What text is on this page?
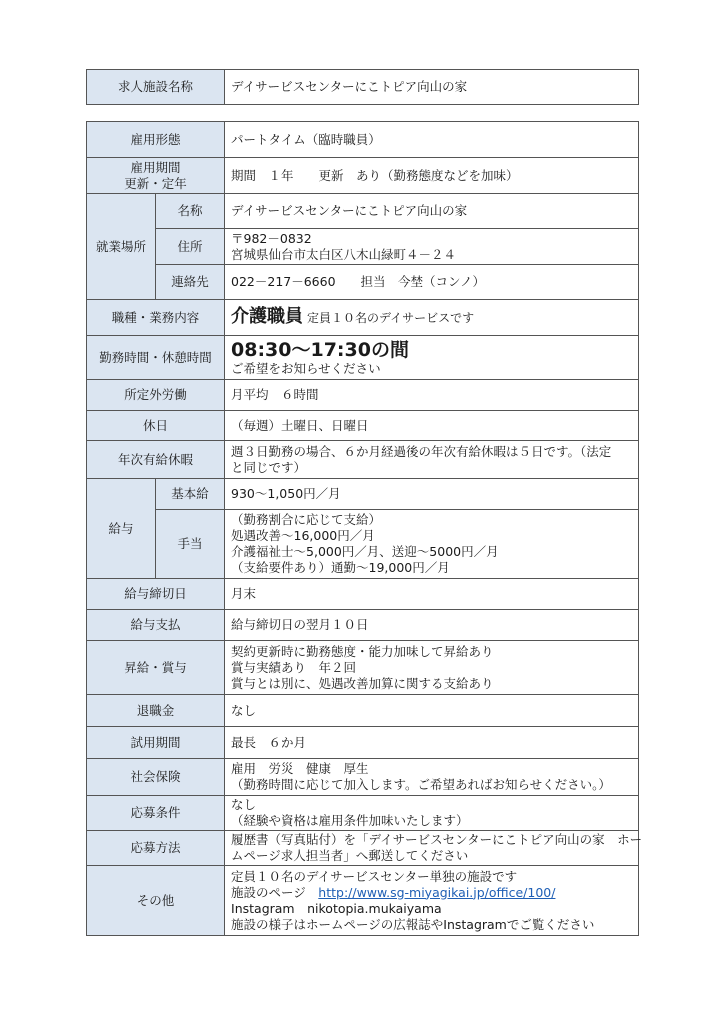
求人施設名称	デイサービスセンターにこトピア向山の家
雇用形態		パートタイム（臨時職員）

雇用期間
更新・定年		期間　１年　　更新　あり（勤務態度などを加味）
就業場所	名称	デイサービスセンターにこトピア向山の家
	住所	〒982－0832
宮城県仙台市太白区八木山緑町４－２４

	連絡先	022－217－6660　　担当　今埜（コンノ）
職種・業務内容		介護職員 定員１０名のデイサービスです
勤務時間・休憩時間		08:30～17:30の間
ご希望をお知らせください

所定外労働		月平均　６時間
休日		（毎週）土曜日、日曜日
年次有給休暇		週３日勤務の場合、６か月経過後の年次有給休暇は５日です。（法定
と同じです）

給与	基本給	930～1,050円／月
	手当	（勤務割合に応じて支給）
処遇改善～16,000円／月
介護福祉士～5,000円／月、送迎～5000円／月
（支給要件あり）通勤～19,000円／月

給与締切日		月末
給与支払		給与締切日の翌月１０日
昇給・賞与		契約更新時に勤務態度・能力加味して昇給あり
賞与実績あり　年２回
賞与とは別に、処遇改善加算に関する支給あり

退職金		なし
試用期間		最長　６か月
社会保険		雇用　労災　健康　厚生
（勤務時間に応じて加入します。ご希望あればお知らせください。）

応募条件		なし
（経験や資格は雇用条件加味いたします）

応募方法		履歴書（写真貼付）を「デイサービスセンターにこトピア向山の家　ホー
ムページ求人担当者」へ郵送してください

その他		定員１０名のデイサービスセンター単独の施設です
施設のページ　http://www.sg-miyagikai.jp/office/100/
Instagram　nikotopia.mukaiyama
施設の様子はホームページの広報誌やInstagramでご覧ください
